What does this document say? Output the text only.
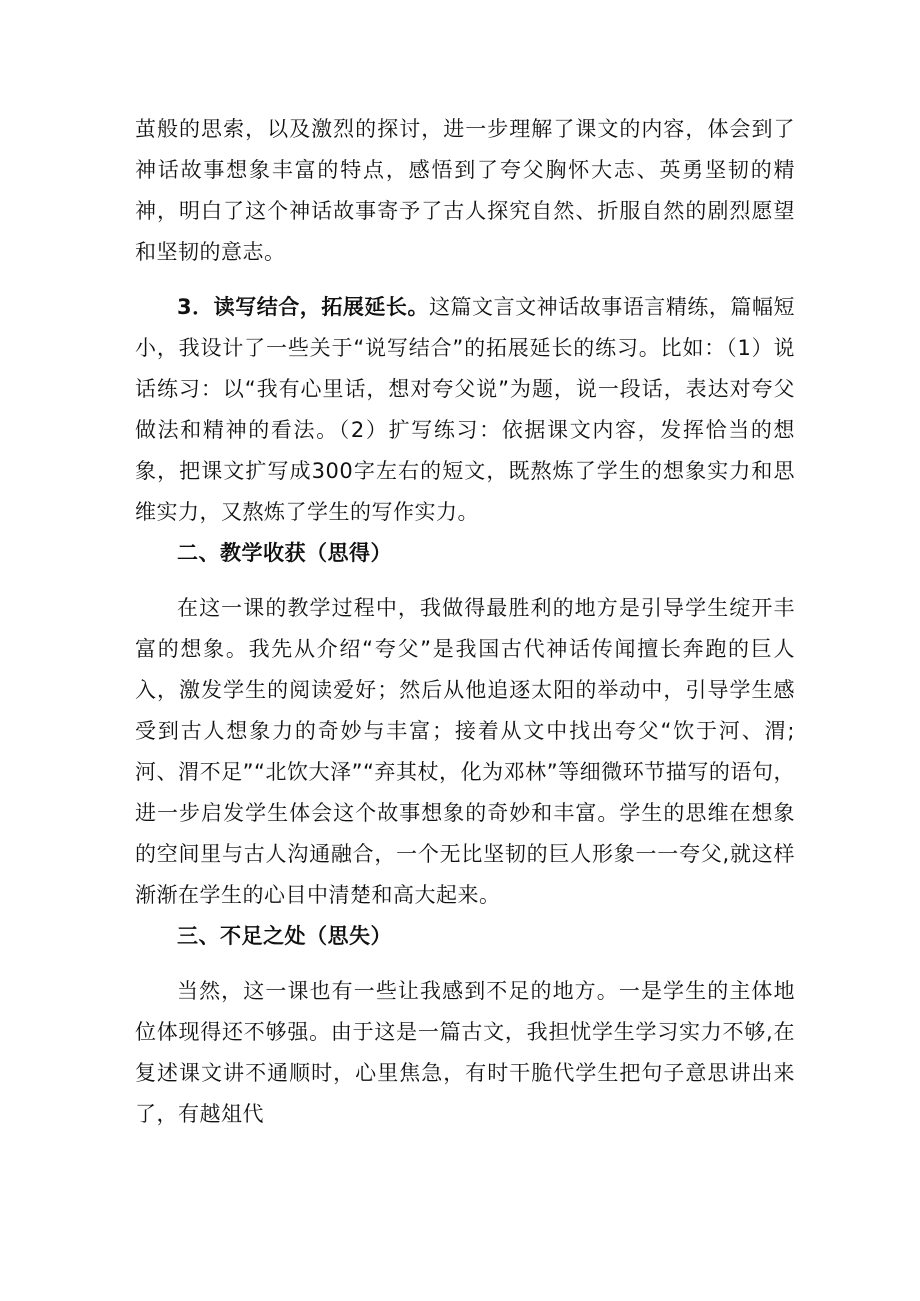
茧般的思索，以及激烈的探讨，进一步理解了课文的内容，体会到了神话故事想象丰富的特点，感悟到了夸父胸怀大志、英勇坚韧的精神，明白了这个神话故事寄予了古人探究自然、折服自然的剧烈愿望和坚韧的意志。

3．读写结合，拓展延长。这篇文言文神话故事语言精练，篇幅短小，我设计了一些关于“说写结合”的拓展延长的练习。比如：（1）说话练习：以“我有心里话，想对夸父说”为题，说一段话，表达对夸父做法和精神的看法。（2）扩写练习：依据课文内容，发挥恰当的想象，把课文扩写成300字左右的短文，既熬炼了学生的想象实力和思维实力，又熬炼了学生的写作实力。

二、教学收获（思得）

在这一课的教学过程中，我做得最胜利的地方是引导学生绽开丰富的想象。我先从介绍“夸父”是我国古代神话传闻擅长奔跑的巨人入，激发学生的阅读爱好；然后从他追逐太阳的举动中，引导学生感受到古人想象力的奇妙与丰富；接着从文中找出夸父“饮于河、渭;河、渭不足”“北饮大泽”“弃其杖，化为邓林”等细微环节描写的语句，进一步启发学生体会这个故事想象的奇妙和丰富。学生的思维在想象的空间里与古人沟通融合，一个无比坚韧的巨人形象一一夸父,就这样渐渐在学生的心目中清楚和高大起来。

三、不足之处（思失）

当然，这一课也有一些让我感到不足的地方。一是学生的主体地位体现得还不够强。由于这是一篇古文，我担忧学生学习实力不够,在复述课文讲不通顺时，心里焦急，有时干脆代学生把句子意思讲出来了，有越俎代
